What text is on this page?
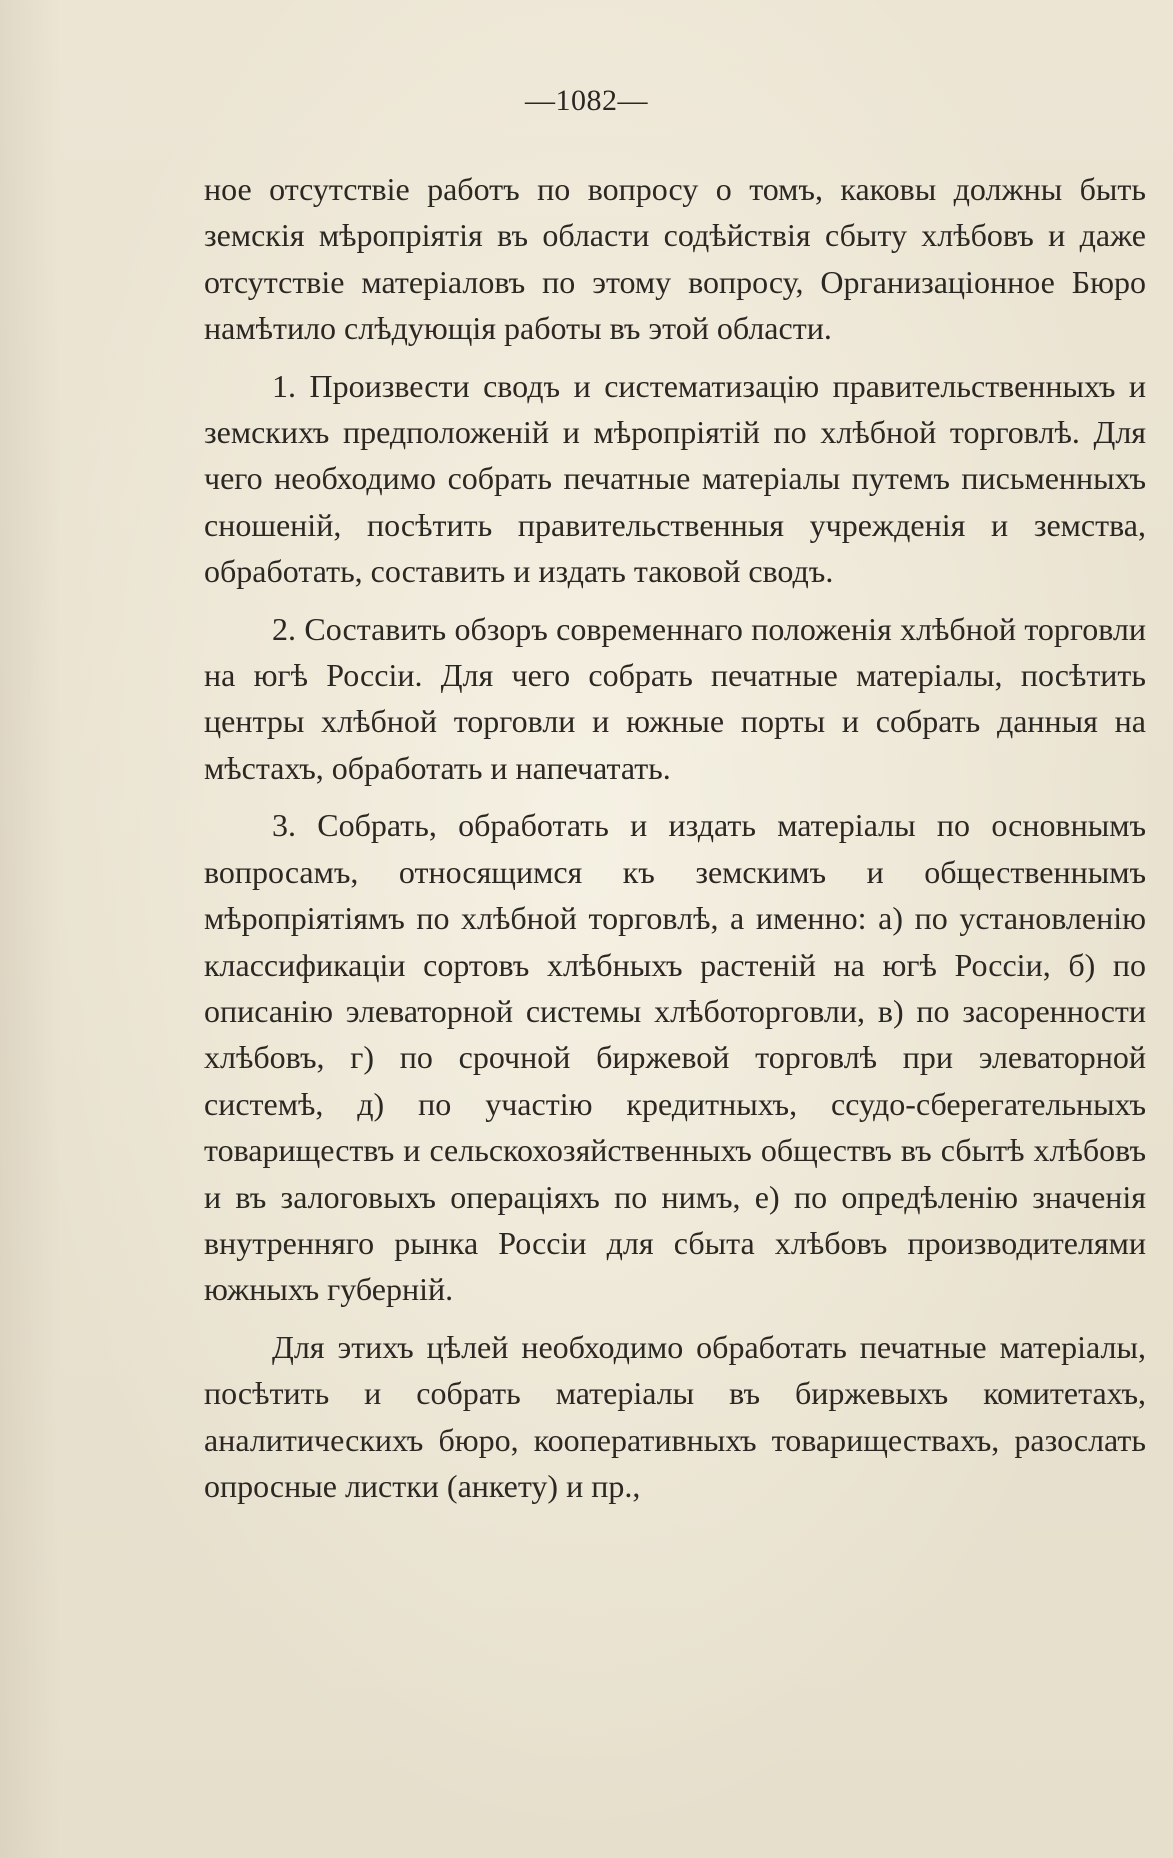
—1082—

ное отсутствіе работъ по вопросу о томъ, каковы должны быть земскія мѣропріятія въ области содѣйствія сбыту хлѣбовъ и даже отсутствіе матеріаловъ по этому вопросу, Организаціонное Бюро намѣтило слѣдующія работы въ этой области.

1. Произвести сводъ и систематизацію правительственныхъ и земскихъ предположеній и мѣропріятій по хлѣбной торговлѣ. Для чего необходимо собрать печатные матеріалы путемъ письменныхъ сношеній, посѣтить правительственныя учрежденія и земства, обработать, составить и издать таковой сводъ.

2. Составить обзоръ современнаго положенія хлѣбной торговли на югѣ Россіи. Для чего собрать печатные матеріалы, посѣтить центры хлѣбной торговли и южные порты и собрать данныя на мѣстахъ, обработать и напечатать.

3. Собрать, обработать и издать матеріалы по основнымъ вопросамъ, относящимся къ земскимъ и общественнымъ мѣропріятіямъ по хлѣбной торговлѣ, а именно: а) по установленію классификаціи сортовъ хлѣбныхъ растеній на югѣ Россіи, б) по описанію элеваторной системы хлѣботорговли, в) по засоренности хлѣбовъ, г) по срочной биржевой торговлѣ при элеваторной системѣ, д) по участію кредитныхъ, ссудо-сберегательныхъ товариществъ и сельскохозяйственныхъ обществъ въ сбытѣ хлѣбовъ и въ залоговыхъ операціяхъ по нимъ, е) по опредѣленію значенія внутренняго рынка Россіи для сбыта хлѣбовъ производителями южныхъ губерній.

Для этихъ цѣлей необходимо обработать печатные матеріалы, посѣтить и собрать матеріалы въ биржевыхъ комитетахъ, аналитическихъ бюро, кооперативныхъ товариществахъ, разослать опросные листки (анкету) и пр.,
